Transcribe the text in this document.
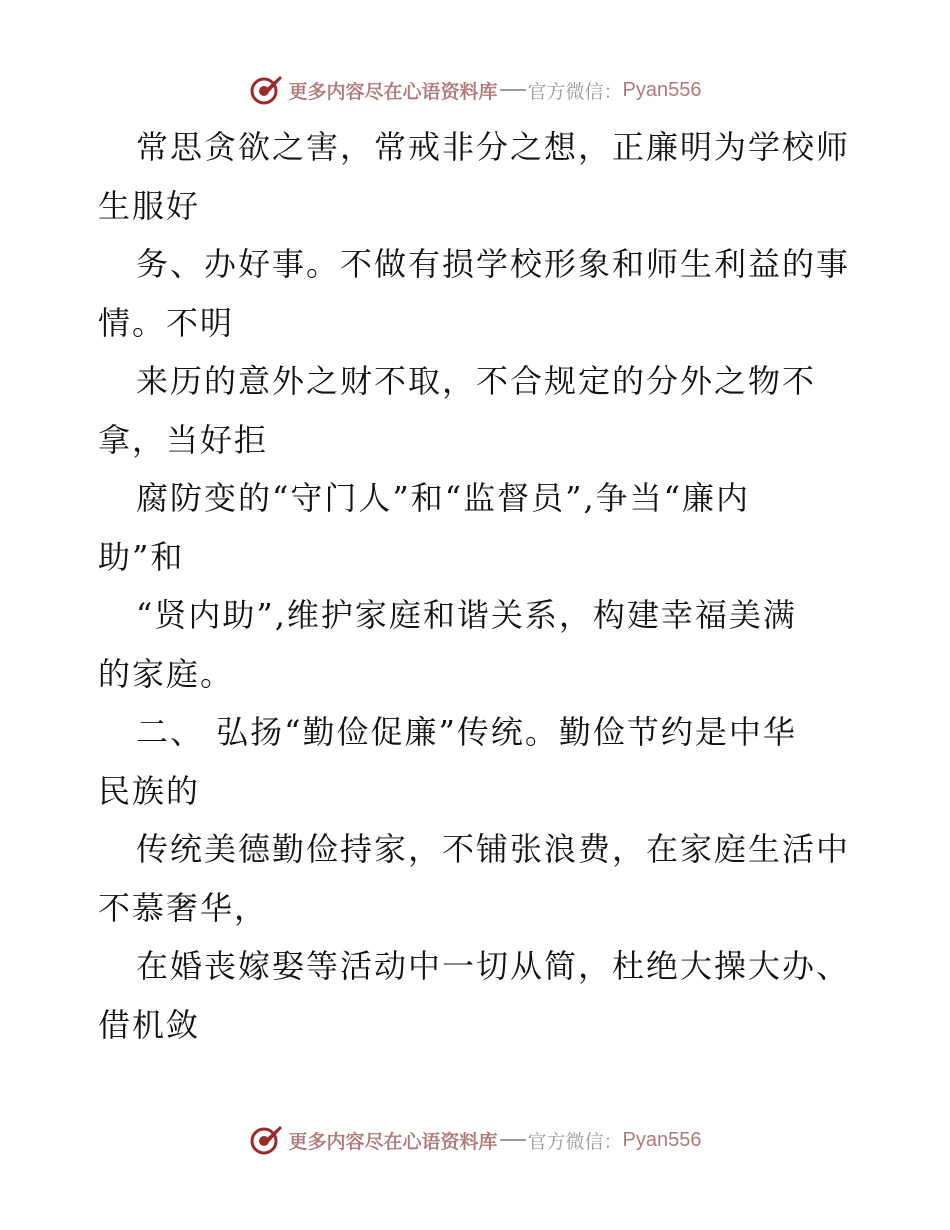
更多内容尽在心语资料库 官方微信： Pyan556
常思贪欲之害，常戒非分之想，正廉明为学校师
生服好
务、办好事。不做有损学校形象和师生利益的事
情。不明
来历的意外之财不取，不合规定的分外之物不
拿，当好拒
腐防变的“守门人”和“监督员”,争当“廉内
助”和
“贤内助”,维护家庭和谐关系，构建幸福美满
的家庭。
二、 弘扬“勤俭促廉”传统。勤俭节约是中华
民族的
传统美德勤俭持家，不铺张浪费，在家庭生活中
不慕奢华，
在婚丧嫁娶等活动中一切从简，杜绝大操大办、
借机敛
更多内容尽在心语资料库 官方微信： Pyan556
